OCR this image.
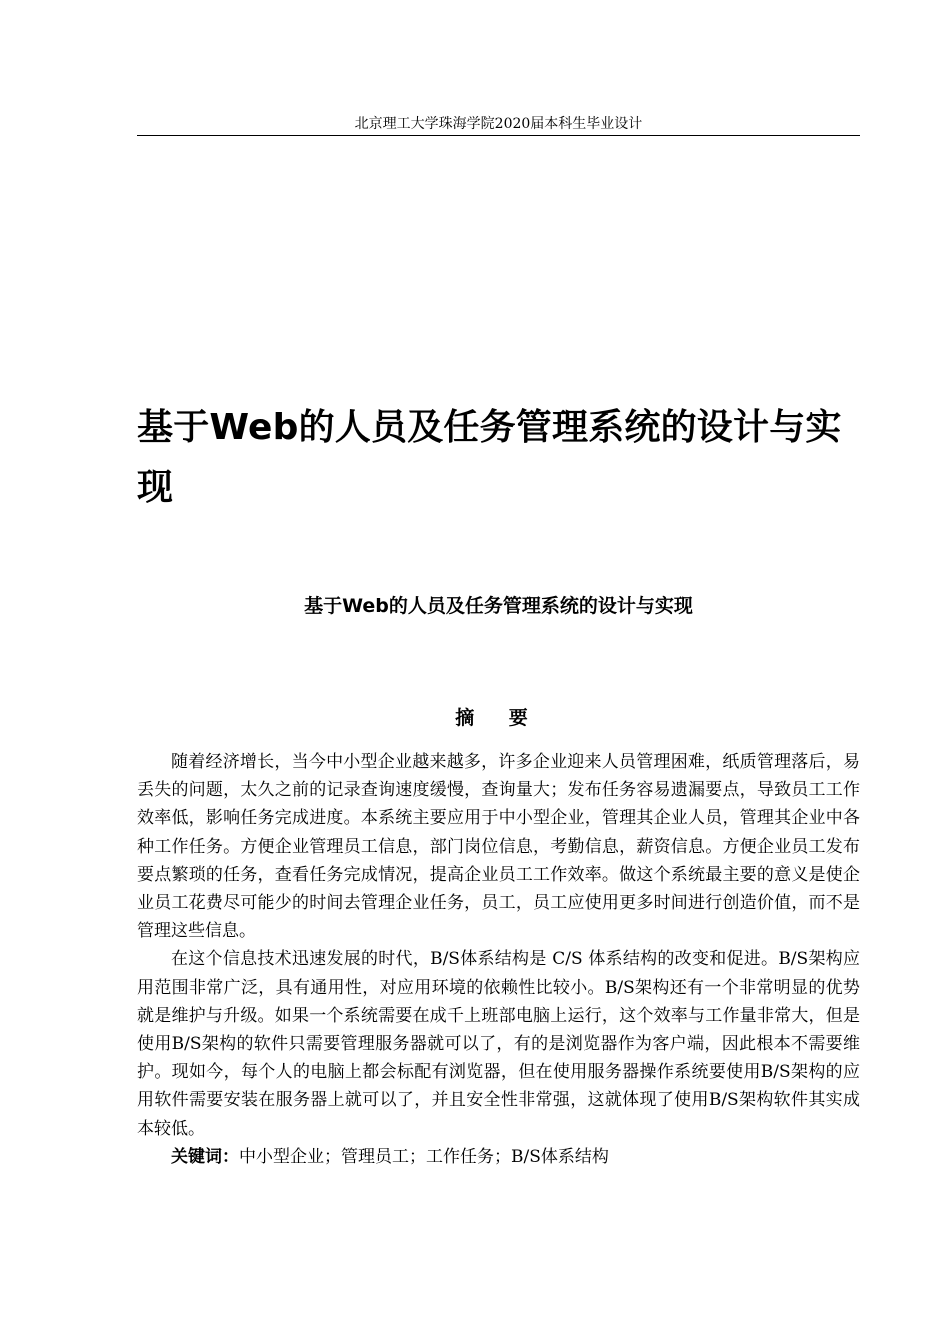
北京理工大学珠海学院2020届本科生毕业设计
基于Web的人员及任务管理系统的设计与实现
基于Web的人员及任务管理系统的设计与实现
摘 要

随着经济增长，当今中小型企业越来越多，许多企业迎来人员管理困难，纸质管理落后，易丢失的问题，太久之前的记录查询速度缓慢，查询量大；发布任务容易遗漏要点，导致员工工作效率低，影响任务完成进度。本系统主要应用于中小型企业，管理其企业人员，管理其企业中各种工作任务。方便企业管理员工信息，部门岗位信息，考勤信息，薪资信息。方便企业员工发布要点繁琐的任务，查看任务完成情况，提高企业员工工作效率。做这个系统最主要的意义是使企业员工花费尽可能少的时间去管理企业任务，员工，员工应使用更多时间进行创造价值，而不是管理这些信息。

在这个信息技术迅速发展的时代，B/S体系结构是 C/S 体系结构的改变和促进。B/S架构应用范围非常广泛，具有通用性，对应用环境的依赖性比较小。B/S架构还有一个非常明显的优势就是维护与升级。如果一个系统需要在成千上班部电脑上运行，这个效率与工作量非常大，但是使用B/S架构的软件只需要管理服务器就可以了，有的是浏览器作为客户端，因此根本不需要维护。现如今，每个人的电脑上都会标配有浏览器，但在使用服务器操作系统要使用B/S架构的应用软件需要安装在服务器上就可以了，并且安全性非常强，这就体现了使用B/S架构软件其实成本较低。

关键词：中小型企业；管理员工；工作任务；B/S体系结构
